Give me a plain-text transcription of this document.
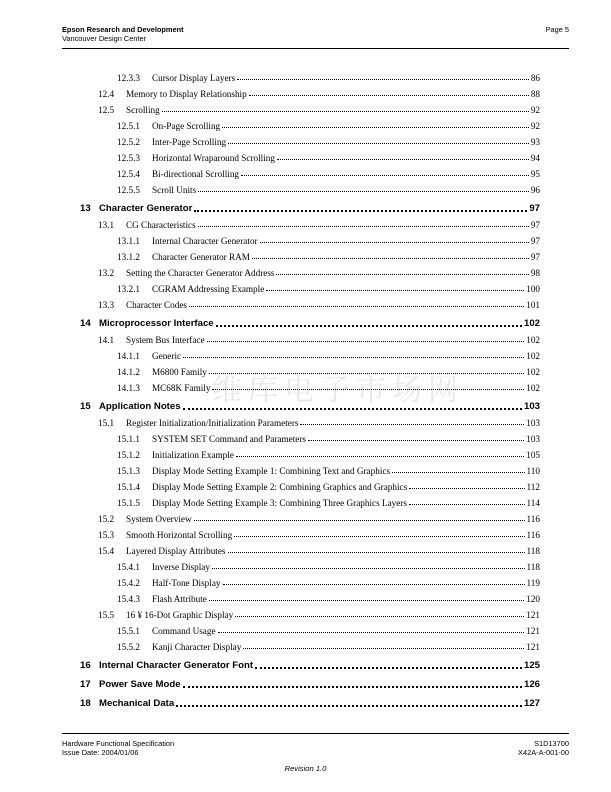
Epson Research and Development
Vancouver Design Center
Page 5
维库电子市场网
12.3.3	Cursor Display Layers	86
12.4	Memory to Display Relationship	88
12.5	Scrolling	92
12.5.1	On-Page Scrolling	92
12.5.2	Inter-Page Scrolling	93
12.5.3	Horizontal Wraparound Scrolling	94
12.5.4	Bi-directional Scrolling	95
12.5.5	Scroll Units	96
13 Character Generator	97
13.1	CG Characteristics	97
13.1.1	Internal Character Generator	97
13.1.2	Character Generator RAM	97
13.2	Setting the Character Generator Address	98
13.2.1	CGRAM Addressing Example	100
13.3	Character Codes	101
14 Microprocessor Interface	102
14.1	System Bus Interface	102
14.1.1	Generic	102
14.1.2	M6800 Family	102
14.1.3	MC68K Family	102
15 Application Notes	103
15.1	Register Initialization/Initialization Parameters	103
15.1.1	SYSTEM SET Command and Parameters	103
15.1.2	Initialization Example	105
15.1.3	Display Mode Setting Example 1: Combining Text and Graphics	110
15.1.4	Display Mode Setting Example 2: Combining Graphics and Graphics	112
15.1.5	Display Mode Setting Example 3: Combining Three Graphics Layers	114
15.2	System Overview	116
15.3	Smooth Horizontal Scrolling	116
15.4	Layered Display Attributes	118
15.4.1	Inverse Display	118
15.4.2	Half-Tone Display	119
15.4.3	Flash Attribute	120
15.5	16 ¥ 16-Dot Graphic Display	121
15.5.1	Command Usage	121
15.5.2	Kanji Character Display	121
16 Internal Character Generator Font	125
17 Power Save Mode	126
18 Mechanical Data	127
Hardware Functional Specification
Issue Date: 2004/01/06
S1D13700
X42A-A-001-00
Revision 1.0
